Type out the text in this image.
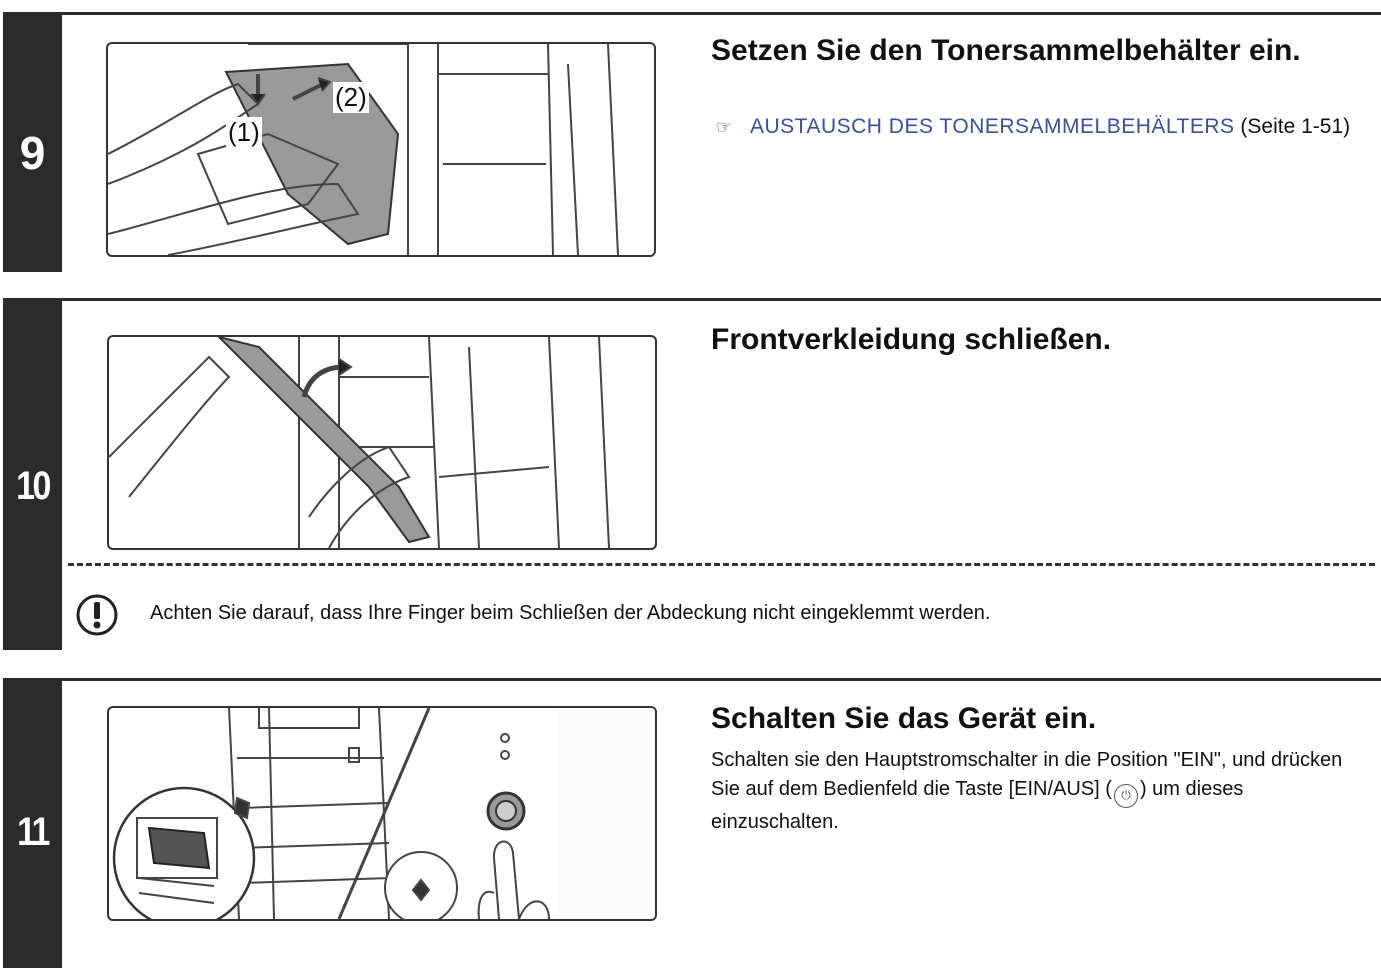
9	(1)
(2)
Setzen Sie den Tonersammelbehälter ein.
☞ AUSTAUSCH DES TONERSAMMELBEHÄLTERS (Seite 1-51)
10
Frontverkleidung schließen.
Achten Sie darauf, dass Ihre Finger beim Schließen der Abdeckung nicht eingeklemmt werden.
11
Schalten Sie das Gerät ein.
Schalten sie den Hauptstromschalter in die Position "EIN", und drücken Sie auf dem Bedienfeld die Taste [EIN/AUS] ( ⏻ ) um dieses einzuschalten.
